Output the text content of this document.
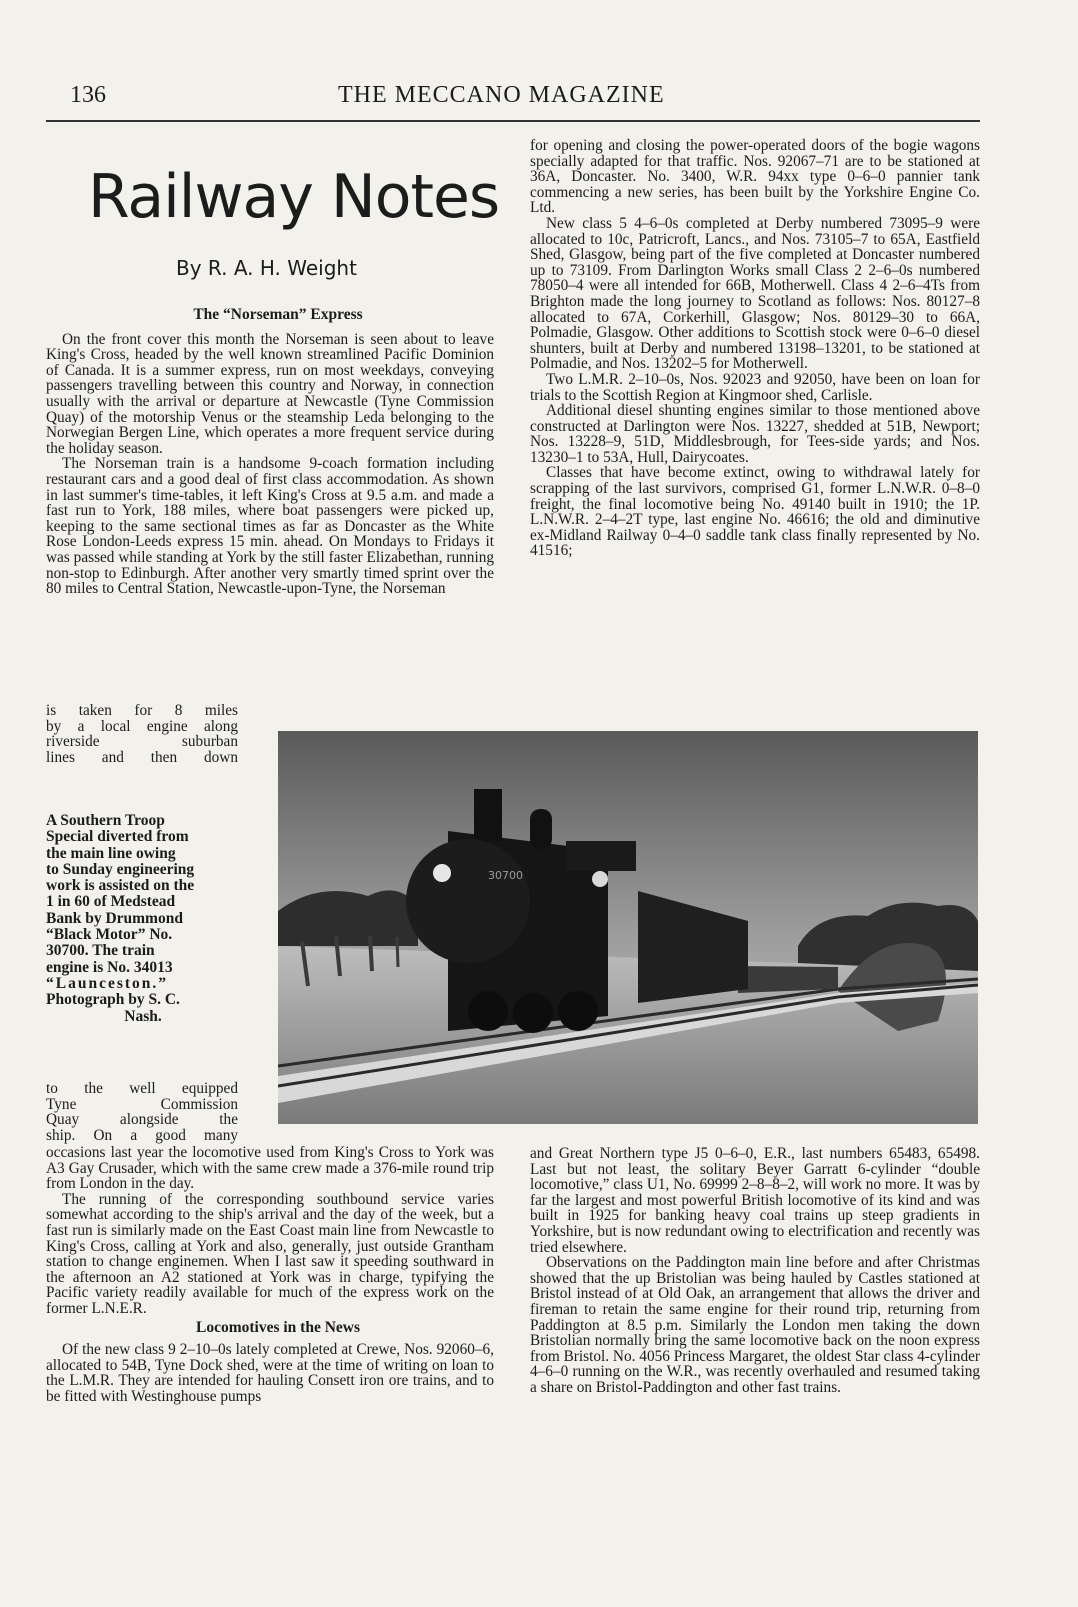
136	THE MECCANO MAGAZINE
Railway Notes
By R. A. H. Weight

The “Norseman” Express

On the front cover this month the Norseman is seen about to leave King's Cross, headed by the well known streamlined Pacific Dominion of Canada. It is a summer express, run on most weekdays, conveying passengers travelling between this country and Norway, in connection usually with the arrival or departure at Newcastle (Tyne Commission Quay) of the motorship Venus or the steamship Leda belonging to the Norwegian Bergen Line, which operates a more frequent service during the holiday season.

The Norseman train is a handsome 9-coach formation including restaurant cars and a good deal of first class accommodation. As shown in last summer's time-tables, it left King's Cross at 9.5 a.m. and made a fast run to York, 188 miles, where boat passengers were picked up, keeping to the same sectional times as far as Doncaster as the White Rose London-Leeds express 15 min. ahead. On Mondays to Fridays it was passed while standing at York by the still faster Elizabethan, running non-stop to Edinburgh. After another very smartly timed sprint over the 80 miles to Central Station, Newcastle-upon-Tyne, the Norseman

is taken for 8 miles

by a local engine along

riverside suburban

lines and then down

A Southern Troop
Special diverted from
the main line owing
to Sunday engineering
work is assisted on the
1 in 60 of Medstead
Bank by Drummond
“Black Motor” No.
30700. The train
engine is No. 34013
“Launceston.”
Photograph by S. C.
Nash.
30700

to the well equipped

Tyne Commission

Quay alongside the

ship. On a good many

occasions last year the locomotive used from King's Cross to York was A3 Gay Crusader, which with the same crew made a 376-mile round trip from London in the day.

The running of the corresponding southbound service varies somewhat according to the ship's arrival and the day of the week, but a fast run is similarly made on the East Coast main line from Newcastle to King's Cross, calling at York and also, generally, just outside Grantham station to change enginemen. When I last saw it speeding southward in the afternoon an A2 stationed at York was in charge, typifying the Pacific variety readily available for much of the express work on the former L.N.E.R.

Locomotives in the News

Of the new class 9 2–10–0s lately completed at Crewe, Nos. 92060–6, allocated to 54B, Tyne Dock shed, were at the time of writing on loan to the L.M.R. They are intended for hauling Consett iron ore trains, and to be fitted with Westinghouse pumps

for opening and closing the power-operated doors of the bogie wagons specially adapted for that traffic. Nos. 92067–71 are to be stationed at 36A, Doncaster. No. 3400, W.R. 94xx type 0–6–0 pannier tank commencing a new series, has been built by the Yorkshire Engine Co. Ltd.

New class 5 4–6–0s completed at Derby numbered 73095–9 were allocated to 10c, Patricroft, Lancs., and Nos. 73105–7 to 65A, Eastfield Shed, Glasgow, being part of the five completed at Doncaster numbered up to 73109. From Darlington Works small Class 2 2–6–0s numbered 78050–4 were all intended for 66B, Motherwell. Class 4 2–6–4Ts from Brighton made the long journey to Scotland as follows: Nos. 80127–8 allocated to 67A, Corkerhill, Glasgow; Nos. 80129–30 to 66A, Polmadie, Glasgow. Other additions to Scottish stock were 0–6–0 diesel shunters, built at Derby and numbered 13198–13201, to be stationed at Polmadie, and Nos. 13202–5 for Motherwell.

Two L.M.R. 2–10–0s, Nos. 92023 and 92050, have been on loan for trials to the Scottish Region at Kingmoor shed, Carlisle.

Additional diesel shunting engines similar to those mentioned above constructed at Darlington were Nos. 13227, shedded at 51B, Newport; Nos. 13228–9, 51D, Middlesbrough, for Tees-side yards; and Nos. 13230–1 to 53A, Hull, Dairycoates.

Classes that have become extinct, owing to withdrawal lately for scrapping of the last survivors, comprised G1, former L.N.W.R. 0–8–0 freight, the final locomotive being No. 49140 built in 1910; the 1P. L.N.W.R. 2–4–2T type, last engine No. 46616; the old and diminutive ex-Midland Railway 0–4–0 saddle tank class finally represented by No. 41516;

and Great Northern type J5 0–6–0, E.R., last numbers 65483, 65498. Last but not least, the solitary Beyer Garratt 6-cylinder “double locomotive,” class U1, No. 69999 2–8–8–2, will work no more. It was by far the largest and most powerful British locomotive of its kind and was built in 1925 for banking heavy coal trains up steep gradients in Yorkshire, but is now redundant owing to electrification and recently was tried elsewhere.

Observations on the Paddington main line before and after Christmas showed that the up Bristolian was being hauled by Castles stationed at Bristol instead of at Old Oak, an arrangement that allows the driver and fireman to retain the same engine for their round trip, returning from Paddington at 8.5 p.m. Similarly the London men taking the down Bristolian normally bring the same locomotive back on the noon express from Bristol. No. 4056 Princess Margaret, the oldest Star class 4-cylinder 4–6–0 running on the W.R., was recently overhauled and resumed taking a share on Bristol-Paddington and other fast trains.
